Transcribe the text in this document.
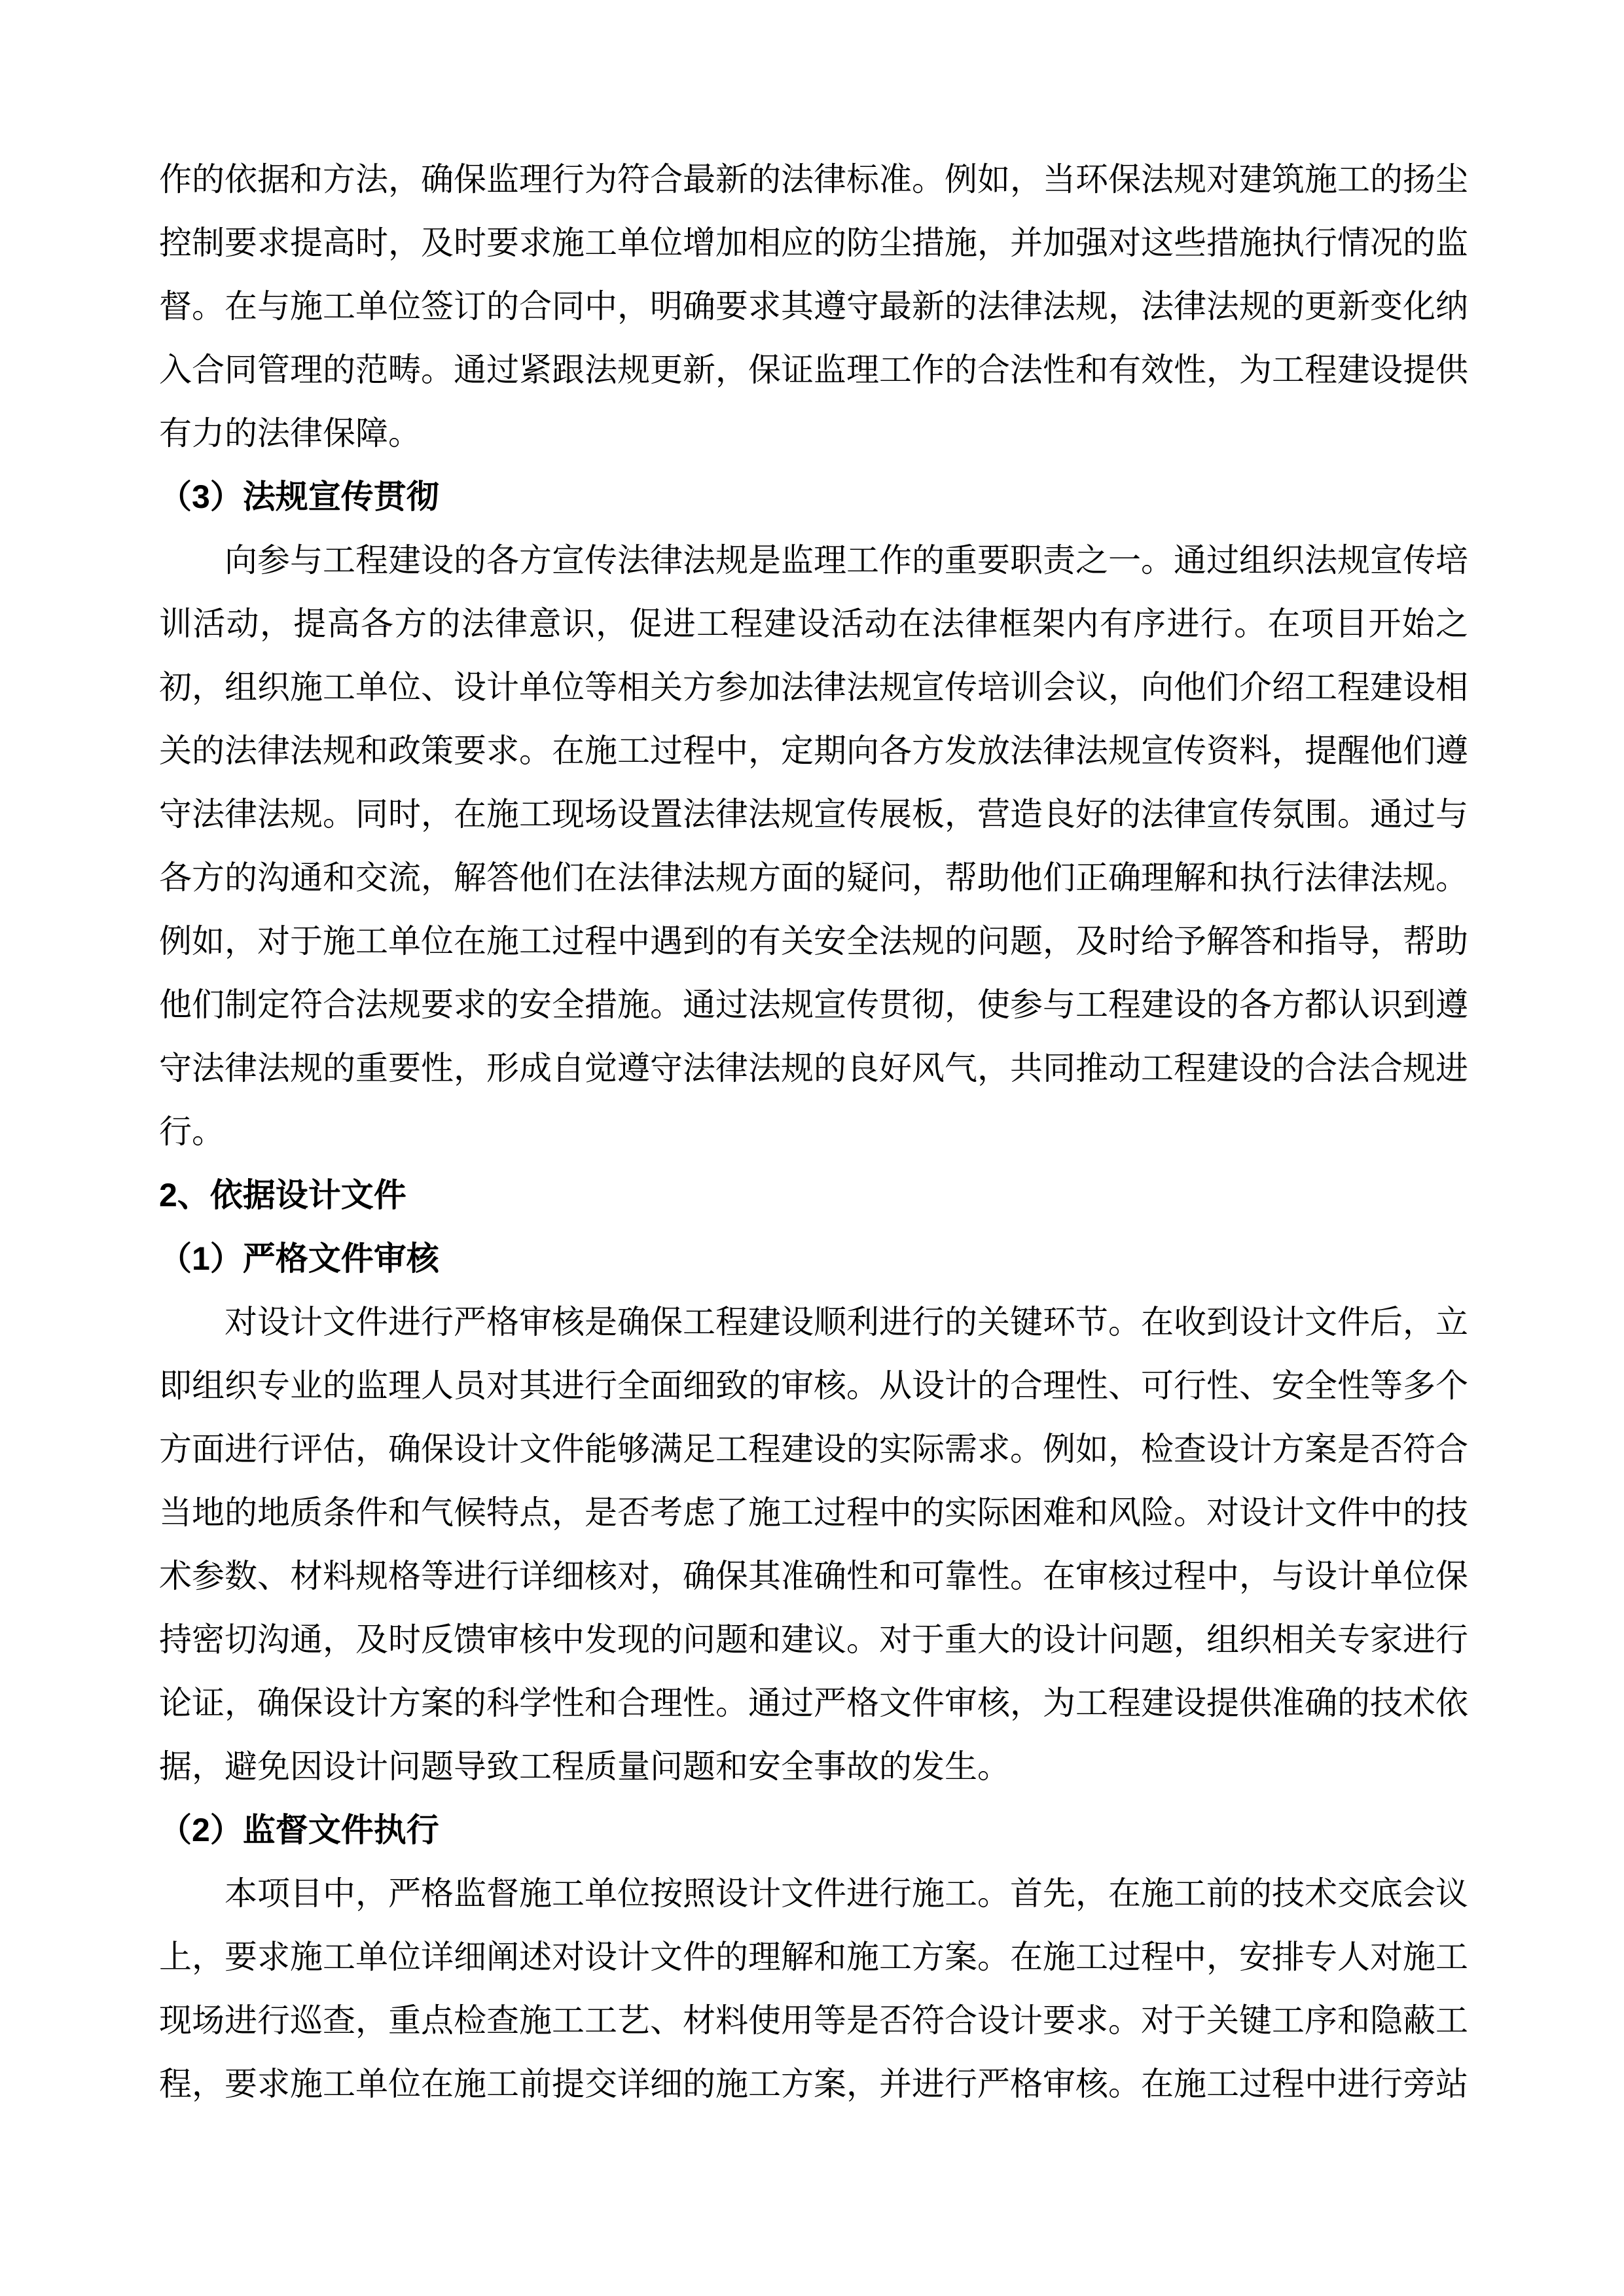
作的依据和方法，确保监理行为符合最新的法律标准。例如，当环保法规对建筑施工的扬尘控制要求提高时，及时要求施工单位增加相应的防尘措施，并加强对这些措施执行情况的监督。在与施工单位签订的合同中，明确要求其遵守最新的法律法规，法律法规的更新变化纳入合同管理的范畴。通过紧跟法规更新，保证监理工作的合法性和有效性，为工程建设提供有力的法律保障。

（3）法规宣传贯彻

向参与工程建设的各方宣传法律法规是监理工作的重要职责之一。通过组织法规宣传培训活动，提高各方的法律意识，促进工程建设活动在法律框架内有序进行。在项目开始之初，组织施工单位、设计单位等相关方参加法律法规宣传培训会议，向他们介绍工程建设相关的法律法规和政策要求。在施工过程中，定期向各方发放法律法规宣传资料，提醒他们遵守法律法规。同时，在施工现场设置法律法规宣传展板，营造良好的法律宣传氛围。通过与各方的沟通和交流，解答他们在法律法规方面的疑问，帮助他们正确理解和执行法律法规。例如，对于施工单位在施工过程中遇到的有关安全法规的问题，及时给予解答和指导，帮助他们制定符合法规要求的安全措施。通过法规宣传贯彻，使参与工程建设的各方都认识到遵守法律法规的重要性，形成自觉遵守法律法规的良好风气，共同推动工程建设的合法合规进行。

2、依据设计文件

（1）严格文件审核

对设计文件进行严格审核是确保工程建设顺利进行的关键环节。在收到设计文件后，立即组织专业的监理人员对其进行全面细致的审核。从设计的合理性、可行性、安全性等多个方面进行评估，确保设计文件能够满足工程建设的实际需求。例如，检查设计方案是否符合当地的地质条件和气候特点，是否考虑了施工过程中的实际困难和风险。对设计文件中的技术参数、材料规格等进行详细核对，确保其准确性和可靠性。在审核过程中，与设计单位保持密切沟通，及时反馈审核中发现的问题和建议。对于重大的设计问题，组织相关专家进行论证，确保设计方案的科学性和合理性。通过严格文件审核，为工程建设提供准确的技术依据，避免因设计问题导致工程质量问题和安全事故的发生。

（2）监督文件执行

本项目中，严格监督施工单位按照设计文件进行施工。首先，在施工前的技术交底会议上，要求施工单位详细阐述对设计文件的理解和施工方案。在施工过程中，安排专人对施工现场进行巡查，重点检查施工工艺、材料使用等是否符合设计要求。对于关键工序和隐蔽工程，要求施工单位在施工前提交详细的施工方案，并进行严格审核。在施工过程中进行旁站
